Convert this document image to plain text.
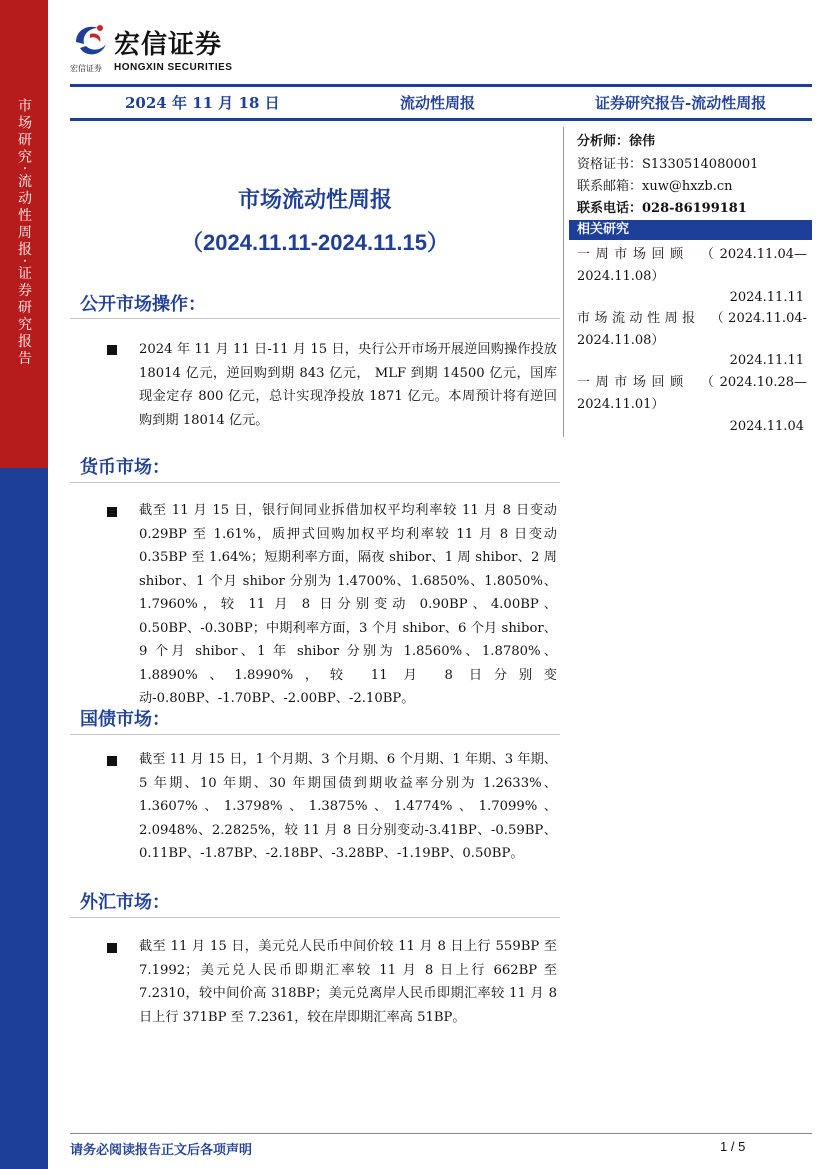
市场研究·流动性周报·证券研究报告
宏信证券
宏信证券 HONGXIN SECURITIES
2024 年 11 月 18 日	流动性周报	证券研究报告-流动性周报
市场流动性周报
（2024.11.11-2024.11.15）
分析师：徐伟
资格证书：S1330514080001
联系邮箱：xuw@hxzb.cn
联系电话：028-86199181
相关研究
一周市场回顾　（2024.11.04—2024.11.08）
2024.11.11
市场流动性周报　（2024.11.04-2024.11.08）
2024.11.11
一周市场回顾　（2024.10.28—2024.11.01）
2024.11.04
公开市场操作：
2024 年 11 月 11 日-11 月 15 日，央行公开市场开展逆回购操作投放 18014 亿元，逆回购到期 843 亿元， MLF 到期 14500 亿元，国库现金定存 800 亿元，总计实现净投放 1871 亿元。本周预计将有逆回购到期 18014 亿元。
货币市场：
截至 11 月 15 日，银行间同业拆借加权平均利率较 11 月 8 日变动 0.29BP 至 1.61%，质押式回购加权平均利率较 11 月 8 日变动 0.35BP 至 1.64%；短期利率方面，隔夜 shibor、1 周 shibor、2 周 shibor、1 个月 shibor 分别为 1.4700%、1.6850%、1.8050%、1.7960%，较 11 月 8 日分别变动 0.90BP、4.00BP、0.50BP、-0.30BP；中期利率方面，3 个月 shibor、6 个月 shibor、9 个月 shibor、1 年 shibor 分别为 1.8560%、1.8780%、1.8890%、1.8990%，较 11 月 8 日分别变动-0.80BP、-1.70BP、-2.00BP、-2.10BP。
国债市场：
截至 11 月 15 日，1 个月期、3 个月期、6 个月期、1 年期、3 年期、5 年期、10 年期、30 年期国债到期收益率分别为 1.2633%、1.3607%、1.3798%、1.3875%、1.4774%、1.7099%、2.0948%、2.2825%，较 11 月 8 日分别变动-3.41BP、-0.59BP、0.11BP、-1.87BP、-2.18BP、-3.28BP、-1.19BP、0.50BP。
外汇市场：
截至 11 月 15 日，美元兑人民币中间价较 11 月 8 日上行 559BP 至 7.1992；美元兑人民币即期汇率较 11 月 8 日上行 662BP 至 7.2310，较中间价高 318BP；美元兑离岸人民币即期汇率较 11 月 8 日上行 371BP 至 7.2361，较在岸即期汇率高 51BP。
请务必阅读报告正文后各项声明	1 / 5
